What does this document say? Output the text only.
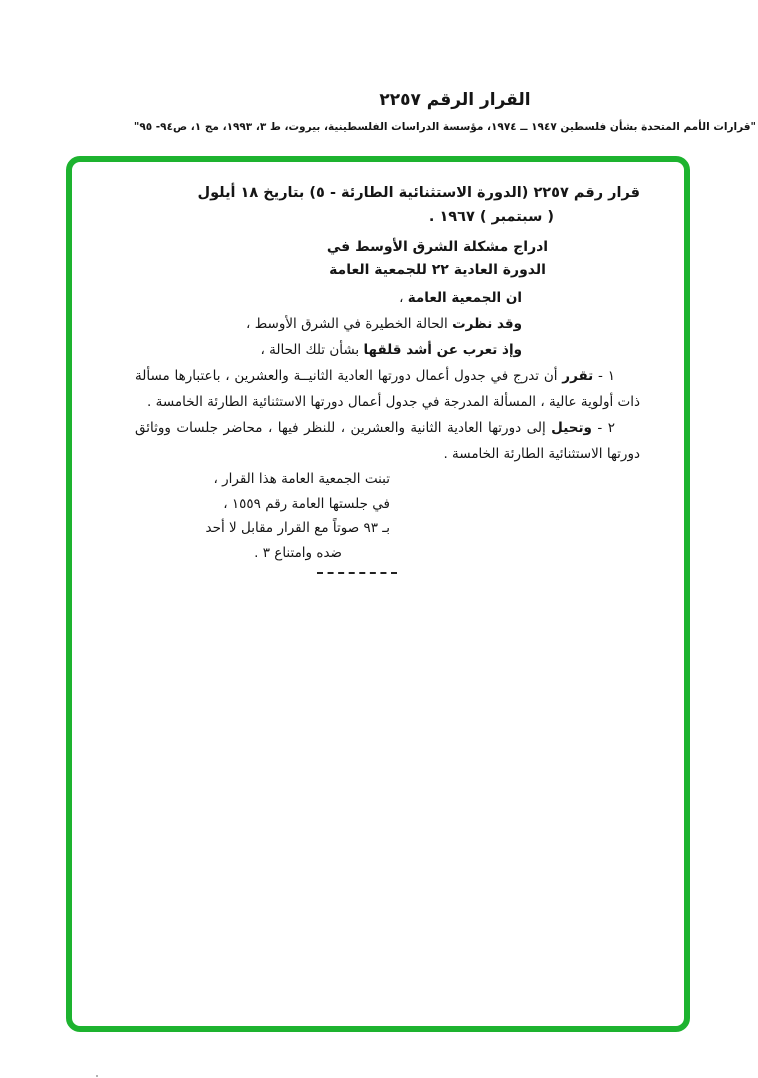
القرار الرقم ٢٢٥٧
"قرارات الأمم المتحدة بشأن فلسطين ١٩٤٧ ــ ١٩٧٤، مؤسسة الدراسات الفلسطينية، بيروت، ط ٣، ١٩٩٣، مج ١، ص٩٤- ٩٥"
قرار رقم ٢٢٥٧ (الدورة الاستثنائية الطارئة - ٥) بتاريخ ١٨ أيلول
( سبتمبر ) ١٩٦٧ .
ادراج مشكلة الشرق الأوسط في
الدورة العادية ٢٢ للجمعية العامة

ان الجمعية العامة ،

وقد نظرت الحالة الخطيرة في الشرق الأوسط ،

وإذ تعرب عن أشد قلقها بشأن تلك الحالة ،

١ - تقرر أن تدرج في جدول أعمال دورتها العادية الثانيــة والعشرين ، باعتبارها مسألة ذات أولوية عالية ، المسألة المدرجة في جدول أعمال دورتها الاستثنائية الطارئة الخامسة .

٢ - وتحيل إلى دورتها العادية الثانية والعشرين ، للنظر فيها ، محاضر جلسات ووثائق دورتها الاستثنائية الطارئة الخامسة .

تبنت الجمعية العامة هذا القرار ،
في جلستها العامة رقم ١٥٥٩ ،
بـ ٩٣ صوتاً مع القرار مقابل لا أحد
ضده وامتناع ٣ .
